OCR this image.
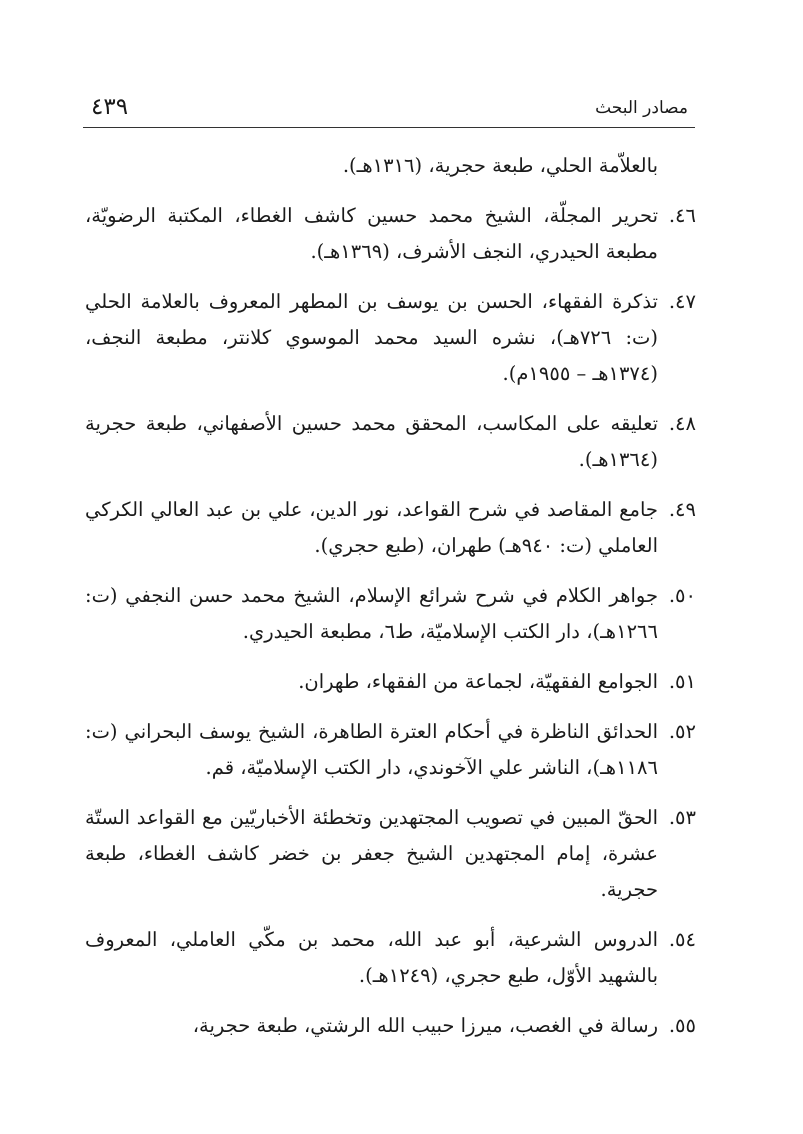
٤٣٩	مصادر البحث
بالعلاّمة الحلي، طبعة حجرية، (١٣١٦هـ).
٤٦.
تحرير المجلّة، الشيخ محمد حسين كاشف الغطاء، المكتبة الرضويّة، مطبعة الحيدري، النجف الأشرف، (١٣٦٩هـ).
٤٧.
تذكرة الفقهاء، الحسن بن يوسف بن المطهر المعروف بالعلامة الحلي (ت: ٧٢٦هـ)، نشره السيد محمد الموسوي كلانتر، مطبعة النجف، (١٣٧٤هـ – ١٩٥٥م).
٤٨.
تعليقه على المكاسب، المحقق محمد حسين الأصفهاني، طبعة حجرية (١٣٦٤هـ).
٤٩.
جامع المقاصد في شرح القواعد، نور الدين، علي بن عبد العالي الكركي العاملي (ت: ٩٤٠هـ) طهران، (طبع حجري).
٥٠.
جواهر الكلام في شرح شرائع الإسلام، الشيخ محمد حسن النجفي (ت: ١٢٦٦هـ)، دار الكتب الإسلاميّة، ط٦، مطبعة الحيدري.
٥١.
الجوامع الفقهيّة، لجماعة من الفقهاء، طهران.
٥٢.
الحدائق الناظرة في أحكام العترة الطاهرة، الشيخ يوسف البحراني (ت: ١١٨٦هـ)، الناشر علي الآخوندي، دار الكتب الإسلاميّة، قم.
٥٣.
الحقّ المبين في تصويب المجتهدين وتخطئة الأخباريّين مع القواعد الستّة عشرة، إمام المجتهدين الشيخ جعفر بن خضر كاشف الغطاء، طبعة حجرية.
٥٤.
الدروس الشرعية، أبو عبد الله، محمد بن مكّي العاملي، المعروف بالشهيد الأوّل، طبع حجري، (١٢٤٩هـ).
٥٥.
رسالة في الغصب، ميرزا حبيب الله الرشتي، طبعة حجرية،
